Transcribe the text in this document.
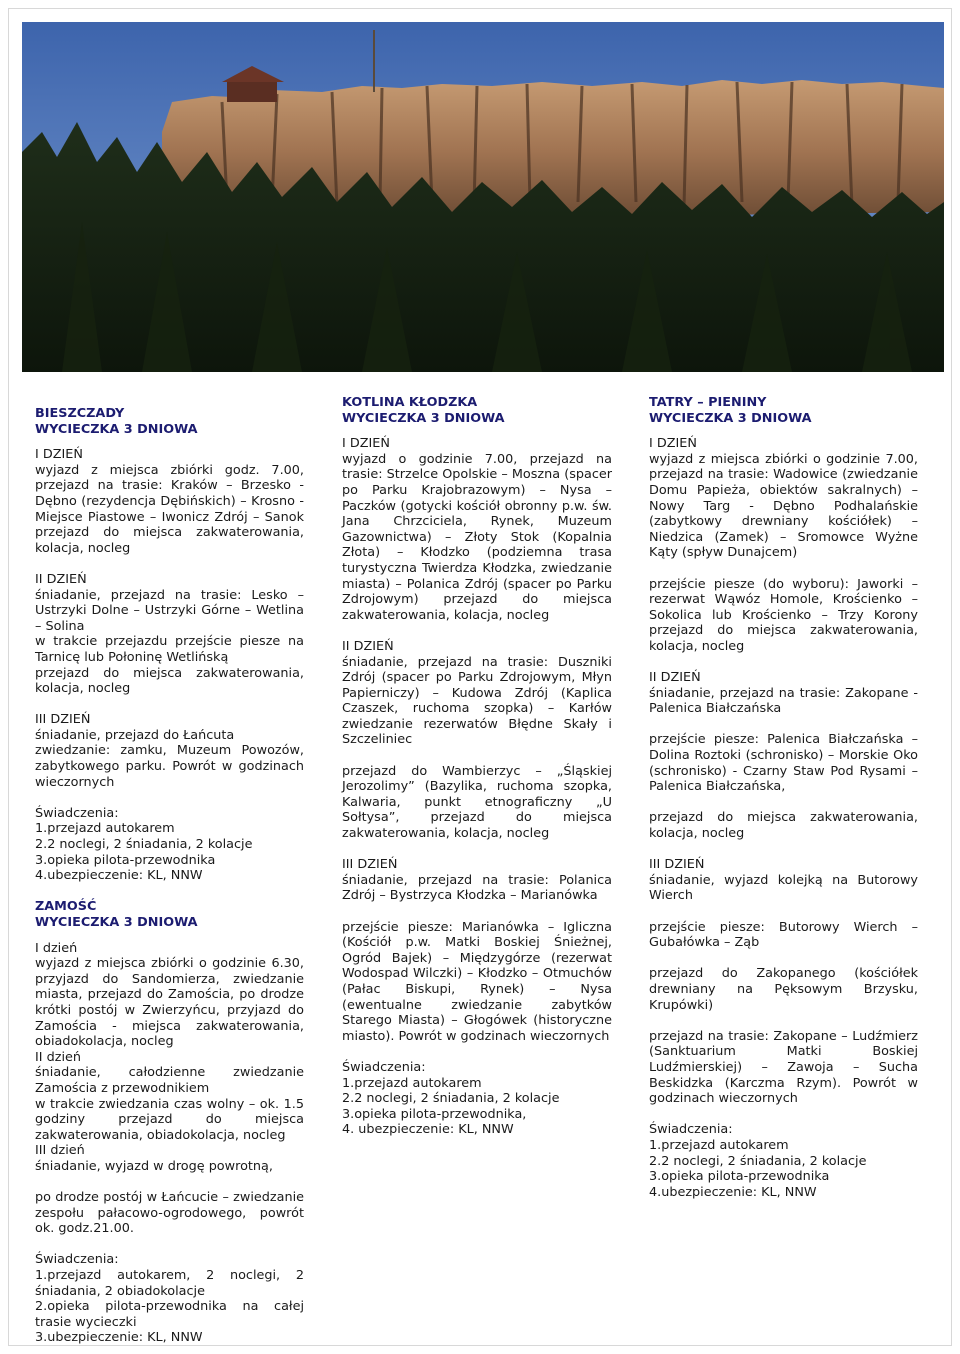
BIESZCZADY

WYCIECZKA 3 DNIOWA

I DZIEŃ

wyjazd z miejsca zbiórki godz. 7.00, przejazd na trasie: Kraków – Brzesko - Dębno (rezydencja Dębińskich) – Krosno - Miejsce Piastowe – Iwonicz Zdrój – Sanok przejazd do miejsca zakwaterowania, kolacja, nocleg

II DZIEŃ

śniadanie, przejazd na trasie: Lesko – Ustrzyki Dolne – Ustrzyki Górne – Wetlina – Solina

w trakcie przejazdu przejście piesze na Tarnicę lub Połoninę Wetlińską

przejazd do miejsca zakwaterowania, kolacja, nocleg

III DZIEŃ

śniadanie, przejazd do Łańcuta

zwiedzanie: zamku, Muzeum Powozów, zabytkowego parku. Powrót w godzinach wieczornych

Świadczenia:

1.przejazd autokarem

2.2 noclegi, 2 śniadania, 2 kolacje

3.opieka pilota-przewodnika

4.ubezpieczenie: KL, NNW

ZAMOŚĆ

WYCIECZKA 3 DNIOWA

I dzień

wyjazd z miejsca zbiórki o godzinie 6.30, przyjazd do Sandomierza, zwiedzanie miasta, przejazd do Zamościa, po drodze krótki postój w Zwierzyńcu, przyjazd do Zamościa - miejsca zakwaterowania, obiadokolacja, nocleg

II dzień

śniadanie, całodzienne zwiedzanie Zamościa z przewodnikiem

w trakcie zwiedzania czas wolny – ok. 1.5 godziny przejazd do miejsca zakwaterowania, obiadokolacja, nocleg

III dzień

śniadanie, wyjazd w drogę powrotną,

po drodze postój w Łańcucie – zwiedzanie zespołu pałacowo-ogrodowego, powrót ok. godz.21.00.

Świadczenia:

1.przejazd autokarem, 2 noclegi, 2 śniadania, 2 obiadokolacje

2.opieka pilota-przewodnika na całej trasie wycieczki

3.ubezpieczenie: KL, NNW

KOTLINA KŁODZKA

WYCIECZKA 3 DNIOWA

I DZIEŃ

wyjazd o godzinie 7.00, przejazd na trasie: Strzelce Opolskie – Moszna (spacer po Parku Krajobrazowym) – Nysa – Paczków (gotycki kościół obronny p.w. św. Jana Chrzciciela, Rynek, Muzeum Gazownictwa) – Złoty Stok (Kopalnia Złota) – Kłodzko (podziemna trasa turystyczna Twierdza Kłodzka, zwiedzanie miasta) – Polanica Zdrój (spacer po Parku Zdrojowym) przejazd do miejsca zakwaterowania, kolacja, nocleg

II DZIEŃ

śniadanie, przejazd na trasie: Duszniki Zdrój (spacer po Parku Zdrojowym, Młyn Papierniczy) – Kudowa Zdrój (Kaplica Czaszek, ruchoma szopka) – Karłów zwiedzanie rezerwatów Błędne Skały i Szczeliniec

przejazd do Wambierzyc – „Śląskiej Jerozolimy” (Bazylika, ruchoma szopka, Kalwaria, punkt etnograficzny „U Sołtysa”, przejazd do miejsca zakwaterowania, kolacja, nocleg

III DZIEŃ

śniadanie, przejazd na trasie: Polanica Zdrój – Bystrzyca Kłodzka – Marianówka

przejście piesze: Marianówka – Igliczna (Kościół p.w. Matki Boskiej Śnieżnej, Ogród Bajek) – Międzygórze (rezerwat Wodospad Wilczki) – Kłodzko – Otmuchów (Pałac Biskupi, Rynek) – Nysa (ewentualne zwiedzanie zabytków Starego Miasta) – Głogówek (historyczne miasto). Powrót w godzinach wieczornych

Świadczenia:

1.przejazd autokarem

2.2 noclegi, 2 śniadania, 2 kolacje

3.opieka pilota-przewodnika,

4. ubezpieczenie: KL, NNW

TATRY – PIENINY

WYCIECZKA 3 DNIOWA

I DZIEŃ

wyjazd z miejsca zbiórki o godzinie 7.00, przejazd na trasie: Wadowice (zwiedzanie Domu Papieża, obiektów sakralnych) – Nowy Targ - Dębno Podhalańskie (zabytkowy drewniany kościółek) – Niedzica (Zamek) – Sromowce Wyżne Kąty (spływ Dunajcem)

przejście piesze (do wyboru): Jaworki – rezerwat Wąwóz Homole, Krościenko – Sokolica lub Krościenko – Trzy Korony przejazd do miejsca zakwaterowania, kolacja, nocleg

II DZIEŃ

śniadanie, przejazd na trasie: Zakopane - Palenica Białczańska

przejście piesze: Palenica Białczańska – Dolina Roztoki (schronisko) – Morskie Oko (schronisko) - Czarny Staw Pod Rysami – Palenica Białczańska,

przejazd do miejsca zakwaterowania, kolacja, nocleg

III DZIEŃ

śniadanie, wyjazd kolejką na Butorowy Wierch

przejście piesze: Butorowy Wierch – Gubałówka – Ząb

przejazd do Zakopanego (kościółek drewniany na Pęksowym Brzysku, Krupówki)

przejazd na trasie: Zakopane – Ludźmierz (Sanktuarium Matki Boskiej Ludźmierskiej) – Zawoja – Sucha Beskidzka (Karczma Rzym). Powrót w godzinach wieczornych

Świadczenia:

1.przejazd autokarem

2.2 noclegi, 2 śniadania, 2 kolacje

3.opieka pilota-przewodnika

4.ubezpieczenie: KL, NNW
